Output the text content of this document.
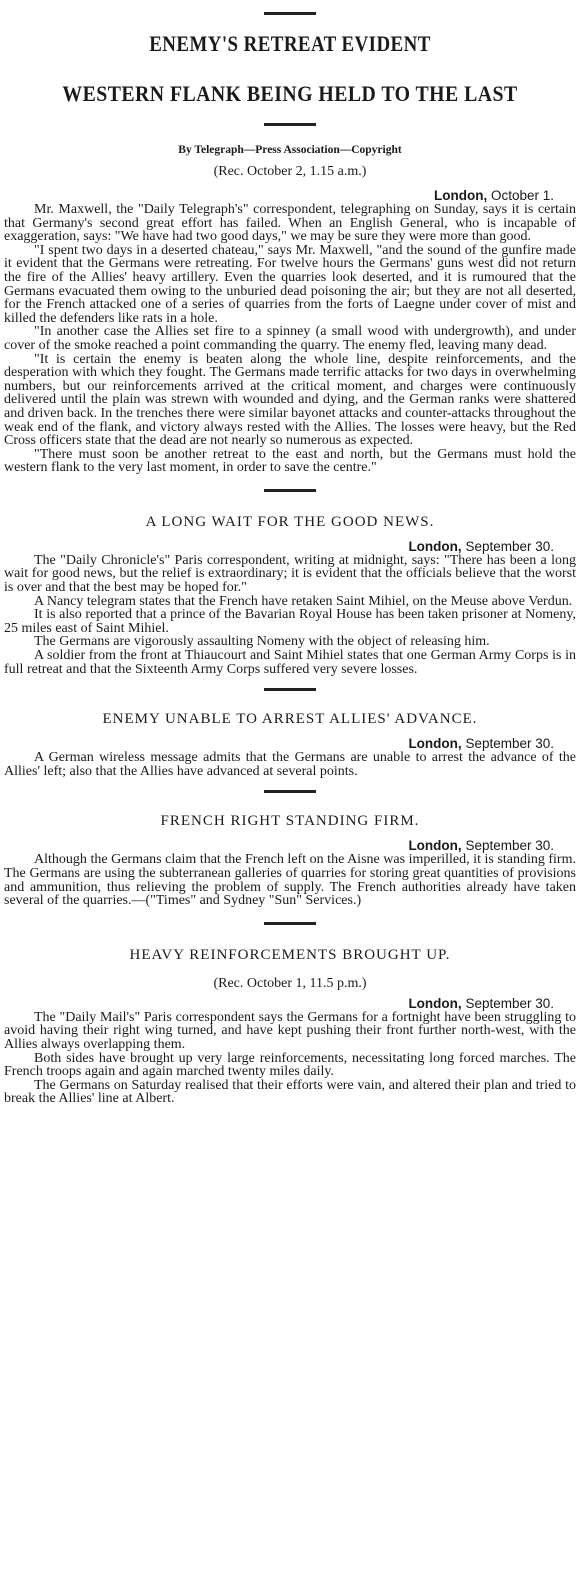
ENEMY'S RETREAT EVIDENT
WESTERN FLANK BEING HELD TO THE LAST
By Telegraph—Press Association—Copyright
(Rec. October 2, 1.15 a.m.)
London, October 1.

Mr. Maxwell, the "Daily Telegraph's" correspondent, telegraphing on Sunday, says it is certain that Germany's second great effort has failed. When an English General, who is incapable of exaggeration, says: "We have had two good days," we may be sure they were more than good.

"I spent two days in a deserted chateau," says Mr. Maxwell, "and the sound of the gunfire made it evident that the Germans were retreating. For twelve hours the Germans' guns west did not return the fire of the Allies' heavy artillery. Even the quarries look deserted, and it is rumoured that the Germans evacuated them owing to the unburied dead poisoning the air; but they are not all deserted, for the French attacked one of a series of quarries from the forts of Laegne under cover of mist and killed the defenders like rats in a hole.

"In another case the Allies set fire to a spinney (a small wood with undergrowth), and under cover of the smoke reached a point commanding the quarry. The enemy fled, leaving many dead.

"It is certain the enemy is beaten along the whole line, despite reinforcements, and the desperation with which they fought. The Germans made terrific attacks for two days in overwhelming numbers, but our reinforcements arrived at the critical moment, and charges were continuously delivered until the plain was strewn with wounded and dying, and the German ranks were shattered and driven back. In the trenches there were similar bayonet attacks and counter-attacks throughout the weak end of the flank, and victory always rested with the Allies. The losses were heavy, but the Red Cross officers state that the dead are not nearly so numerous as expected.

"There must soon be another retreat to the east and north, but the Germans must hold the western flank to the very last moment, in order to save the centre."

A LONG WAIT FOR THE GOOD NEWS.
London, September 30.

The "Daily Chronicle's" Paris correspondent, writing at midnight, says: "There has been a long wait for good news, but the relief is extraordinary; it is evident that the officials believe that the worst is over and that the best may be hoped for."

A Nancy telegram states that the French have retaken Saint Mihiel, on the Meuse above Verdun.

It is also reported that a prince of the Bavarian Royal House has been taken prisoner at Nomeny, 25 miles east of Saint Mihiel.

The Germans are vigorously assaulting Nomeny with the object of releasing him.

A soldier from the front at Thiaucourt and Saint Mihiel states that one German Army Corps is in full retreat and that the Sixteenth Army Corps suffered very severe losses.

ENEMY UNABLE TO ARREST ALLIES' ADVANCE.
London, September 30.

A German wireless message admits that the Germans are unable to arrest the advance of the Allies' left; also that the Allies have advanced at several points.

FRENCH RIGHT STANDING FIRM.
London, September 30.

Although the Germans claim that the French left on the Aisne was imperilled, it is standing firm. The Germans are using the subterranean galleries of quarries for storing great quantities of provisions and ammunition, thus relieving the problem of supply. The French authorities already have taken several of the quarries.—("Times" and Sydney "Sun" Services.)

HEAVY REINFORCEMENTS BROUGHT UP.
(Rec. October 1, 11.5 p.m.)
London, September 30.

The "Daily Mail's" Paris correspondent says the Germans for a fortnight have been struggling to avoid having their right wing turned, and have kept pushing their front further north-west, with the Allies always overlapping them.

Both sides have brought up very large reinforcements, necessitating long forced marches. The French troops again and again marched twenty miles daily.

The Germans on Saturday realised that their efforts were vain, and altered their plan and tried to break the Allies' line at Albert.
